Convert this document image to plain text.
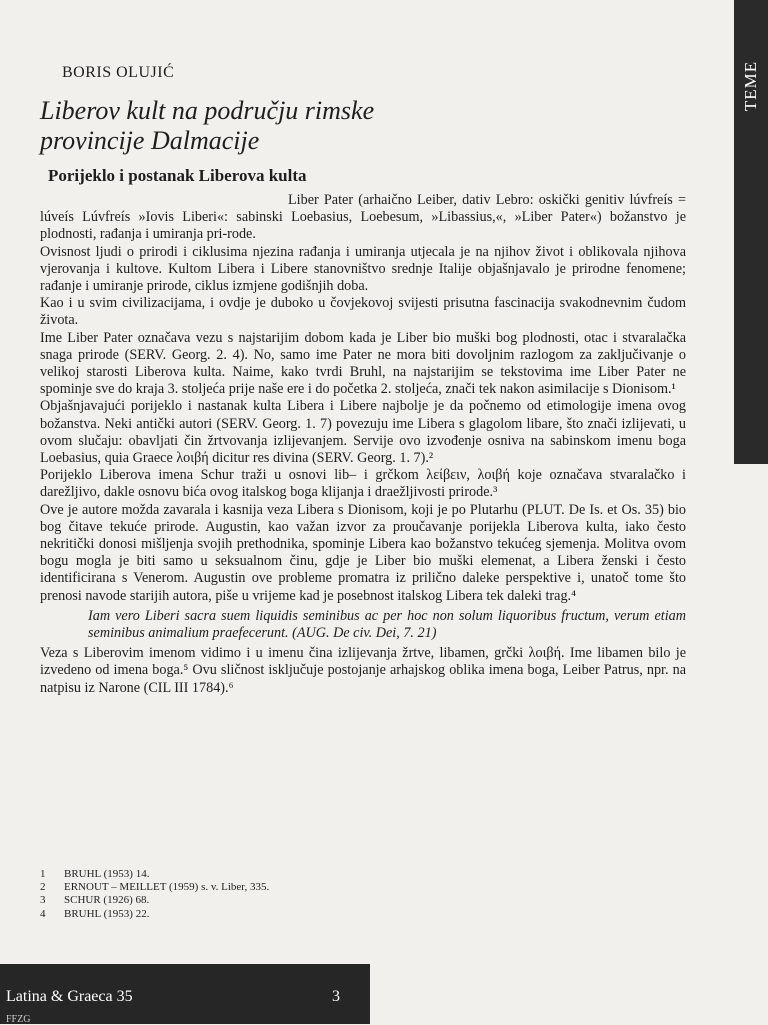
TEME
BORIS OLUJIĆ
Liberov kult na području rimske
provincije Dalmacije
Porijeklo i postanak Liberova kulta

Liber Pater (arhaično Leiber, dativ Lebro: oskički genitiv lúvfreís = lúveís Lúvfreís »Iovis Liberi«: sabinski Loebasius, Loebesum, »Libassius,«, »Liber Pater«) božanstvo je plodnosti, rađanja i umiranja pri-rode.

Ovisnost ljudi o prirodi i ciklusima njezina rađanja i umiranja utjecala je na njihov život i oblikovala njihova vjerovanja i kultove. Kultom Libera i Libere stanovništvo srednje Italije objašnjavalo je prirodne fenomene; rađanje i umiranje prirode, ciklus izmjene godišnjih doba.

Kao i u svim civilizacijama, i ovdje je duboko u čovjekovoj svijesti prisutna fascinacija svakodnevnim čudom života.

Ime Liber Pater označava vezu s najstarijim dobom kada je Liber bio muški bog plodnosti, otac i stvaralačka snaga prirode (SERV. Georg. 2. 4). No, samo ime Pater ne mora biti dovoljnim razlogom za zaključivanje o velikoj starosti Liberova kulta. Naime, kako tvrdi Bruhl, na najstarijim se tekstovima ime Liber Pater ne spominje sve do kraja 3. stoljeća prije naše ere i do početka 2. stoljeća, znači tek nakon asimilacije s Dionisom.¹

Objašnjavajući porijeklo i nastanak kulta Libera i Libere najbolje je da počnemo od etimologije imena ovog božanstva. Neki antički autori (SERV. Georg. 1. 7) povezuju ime Libera s glagolom libare, što znači izlijevati, u ovom slučaju: obavljati čin žrtvovanja izlijevanjem. Servije ovo izvođenje osniva na sabinskom imenu boga Loebasius, quia Graece λοιβή dicitur res divina (SERV. Georg. 1. 7).²

Porijeklo Liberova imena Schur traži u osnovi lib– i grčkom λείβειν, λοιβή koje označava stvaralačko i darežljivo, dakle osnovu bića ovog italskog boga klijanja i draežljivosti prirode.³

Ove je autore možda zavarala i kasnija veza Libera s Dionisom, koji je po Plutarhu (PLUT. De Is. et Os. 35) bio bog čitave tekuće prirode. Augustin, kao važan izvor za proučavanje porijekla Liberova kulta, iako često nekritički donosi mišljenja svojih prethodnika, spominje Libera kao božanstvo tekućeg sjemenja. Molitva ovom bogu mogla je biti samo u seksualnom činu, gdje je Liber bio muški elemenat, a Libera ženski i često identificirana s Venerom. Augustin ove probleme promatra iz prilično daleke perspektive i, unatoč tome što prenosi navode starijih autora, piše u vrijeme kad je posebnost italskog Libera tek daleki trag.⁴

Iam vero Liberi sacra suem liquidis seminibus ac per hoc non solum liquoribus fructum, verum etiam seminibus animalium praefecerunt. (AUG. De civ. Dei, 7. 21)

Veza s Liberovim imenom vidimo i u imenu čina izlijevanja žrtve, libamen, grčki λοιβή. Ime libamen bilo je izvedeno od imena boga.⁵ Ovu sličnost isključuje postojanje arhajskog oblika imena boga, Leiber Patrus, npr. na natpisu iz Narone (CIL III 1784).⁶

1	BRUHL (1953) 14.
2	ERNOUT – MEILLET (1959) s. v. Liber, 335.
3	SCHUR (1926) 68.
4	BRUHL (1953) 22.
Latina & Graeca 35	3
FFZG
